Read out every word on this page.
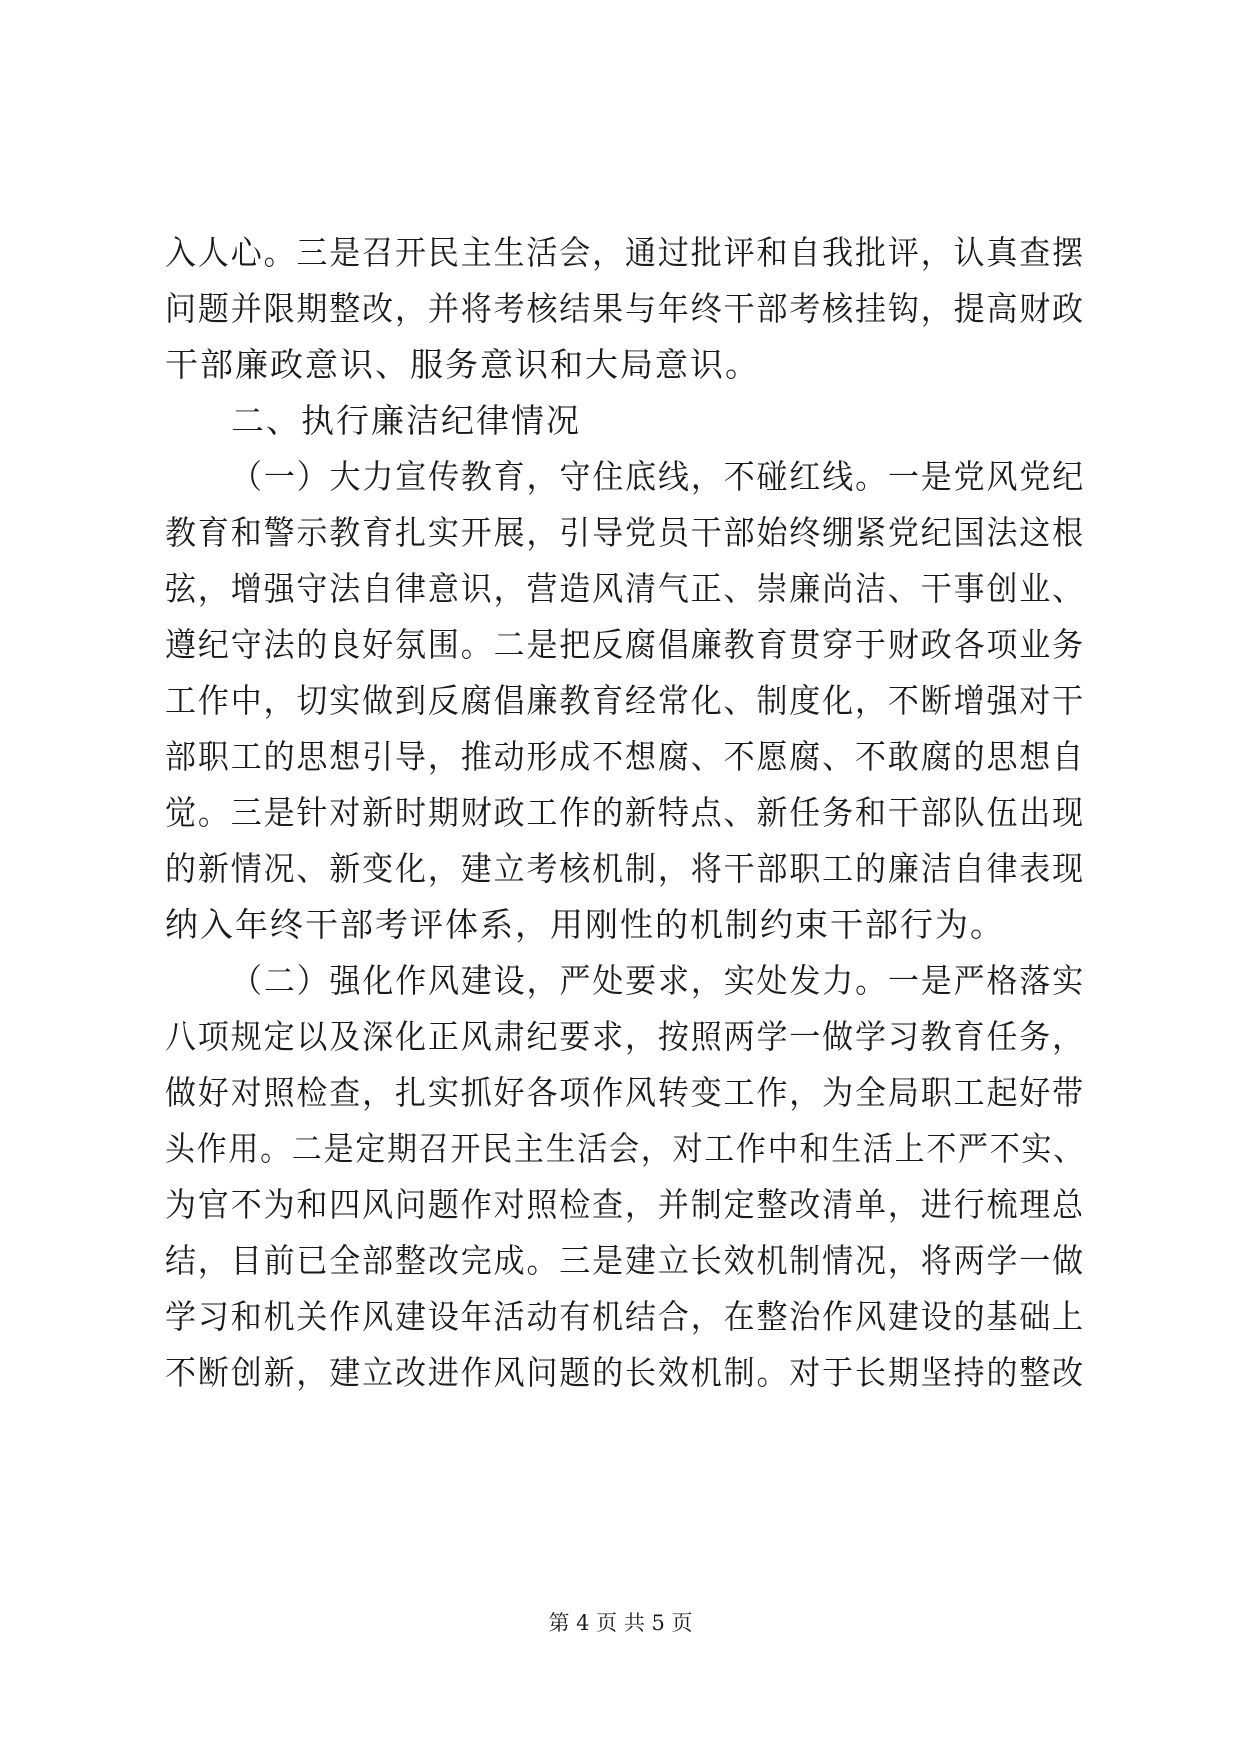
入人心。三是召开民主生活会，通过批评和自我批评，认真查摆
问题并限期整改，并将考核结果与年终干部考核挂钩，提高财政
干部廉政意识、服务意识和大局意识。
二、执行廉洁纪律情况
（一）大力宣传教育，守住底线，不碰红线。一是党风党纪
教育和警示教育扎实开展，引导党员干部始终绷紧党纪国法这根
弦，增强守法自律意识，营造风清气正、崇廉尚洁、干事创业、
遵纪守法的良好氛围。二是把反腐倡廉教育贯穿于财政各项业务
工作中，切实做到反腐倡廉教育经常化、制度化，不断增强对干
部职工的思想引导，推动形成不想腐、不愿腐、不敢腐的思想自
觉。三是针对新时期财政工作的新特点、新任务和干部队伍出现
的新情况、新变化，建立考核机制，将干部职工的廉洁自律表现
纳入年终干部考评体系，用刚性的机制约束干部行为。
（二）强化作风建设，严处要求，实处发力。一是严格落实
八项规定以及深化正风肃纪要求，按照两学一做学习教育任务，
做好对照检查，扎实抓好各项作风转变工作，为全局职工起好带
头作用。二是定期召开民主生活会，对工作中和生活上不严不实、
为官不为和四风问题作对照检查，并制定整改清单，进行梳理总
结，目前已全部整改完成。三是建立长效机制情况，将两学一做
学习和机关作风建设年活动有机结合，在整治作风建设的基础上
不断创新，建立改进作风问题的长效机制。对于长期坚持的整改
第 4 页 共 5 页
